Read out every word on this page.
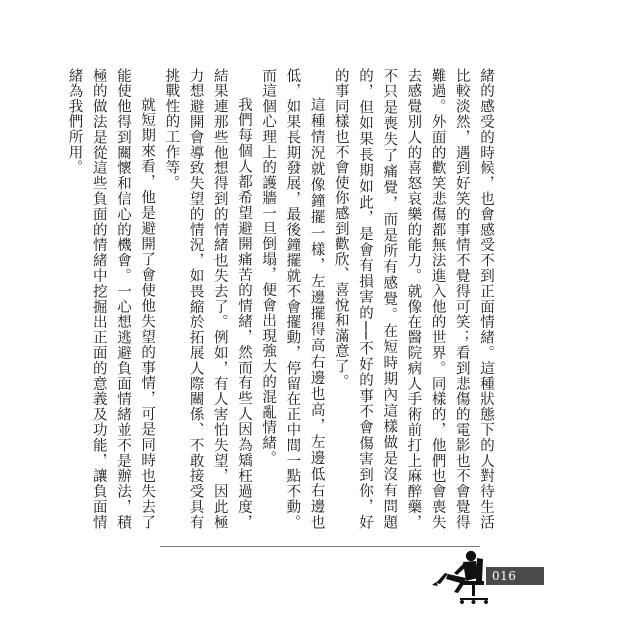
緒的感受的時候，也會感受不到正面情緒。這種狀態下的人對待生活比較淡然，遇到好笑的事情不覺得可笑；看到悲傷的電影也不會覺得難過。外面的歡笑悲傷都無法進入他的世界。同樣的，他們也會喪失去感覺別人的喜怒哀樂的能力。就像在醫院病人手術前打上麻醉藥，不只是喪失了痛覺，而是所有感覺。在短時期內這樣做是沒有問題的，但如果長期如此，是會有損害的──不好的事不會傷害到你，好的事同樣也不會使你感到歡欣、喜悅和滿意了。

這種情況就像鐘擺一樣，左邊擺得高右邊也高，左邊低右邊也低，如果長期發展，最後鐘擺就不會擺動，停留在正中間一點不動。而這個心理上的護牆一旦倒塌，便會出現強大的混亂情緒。

我們每個人都希望避開痛苦的情緒，然而有些人因為矯枉過度，結果連那些他想得到的情緒也失去了。例如，有人害怕失望，因此極力想避開會導致失望的情況，如畏縮於拓展人際關係、不敢接受具有挑戰性的工作等。

就短期來看，他是避開了會使他失望的事情，可是同時也失去了能使他得到關懷和信心的機會。一心想逃避負面情緒並不是辦法，積極的做法是從這些負面的情緒中挖掘出正面的意義及功能，讓負面情緒為我們所用。

016
